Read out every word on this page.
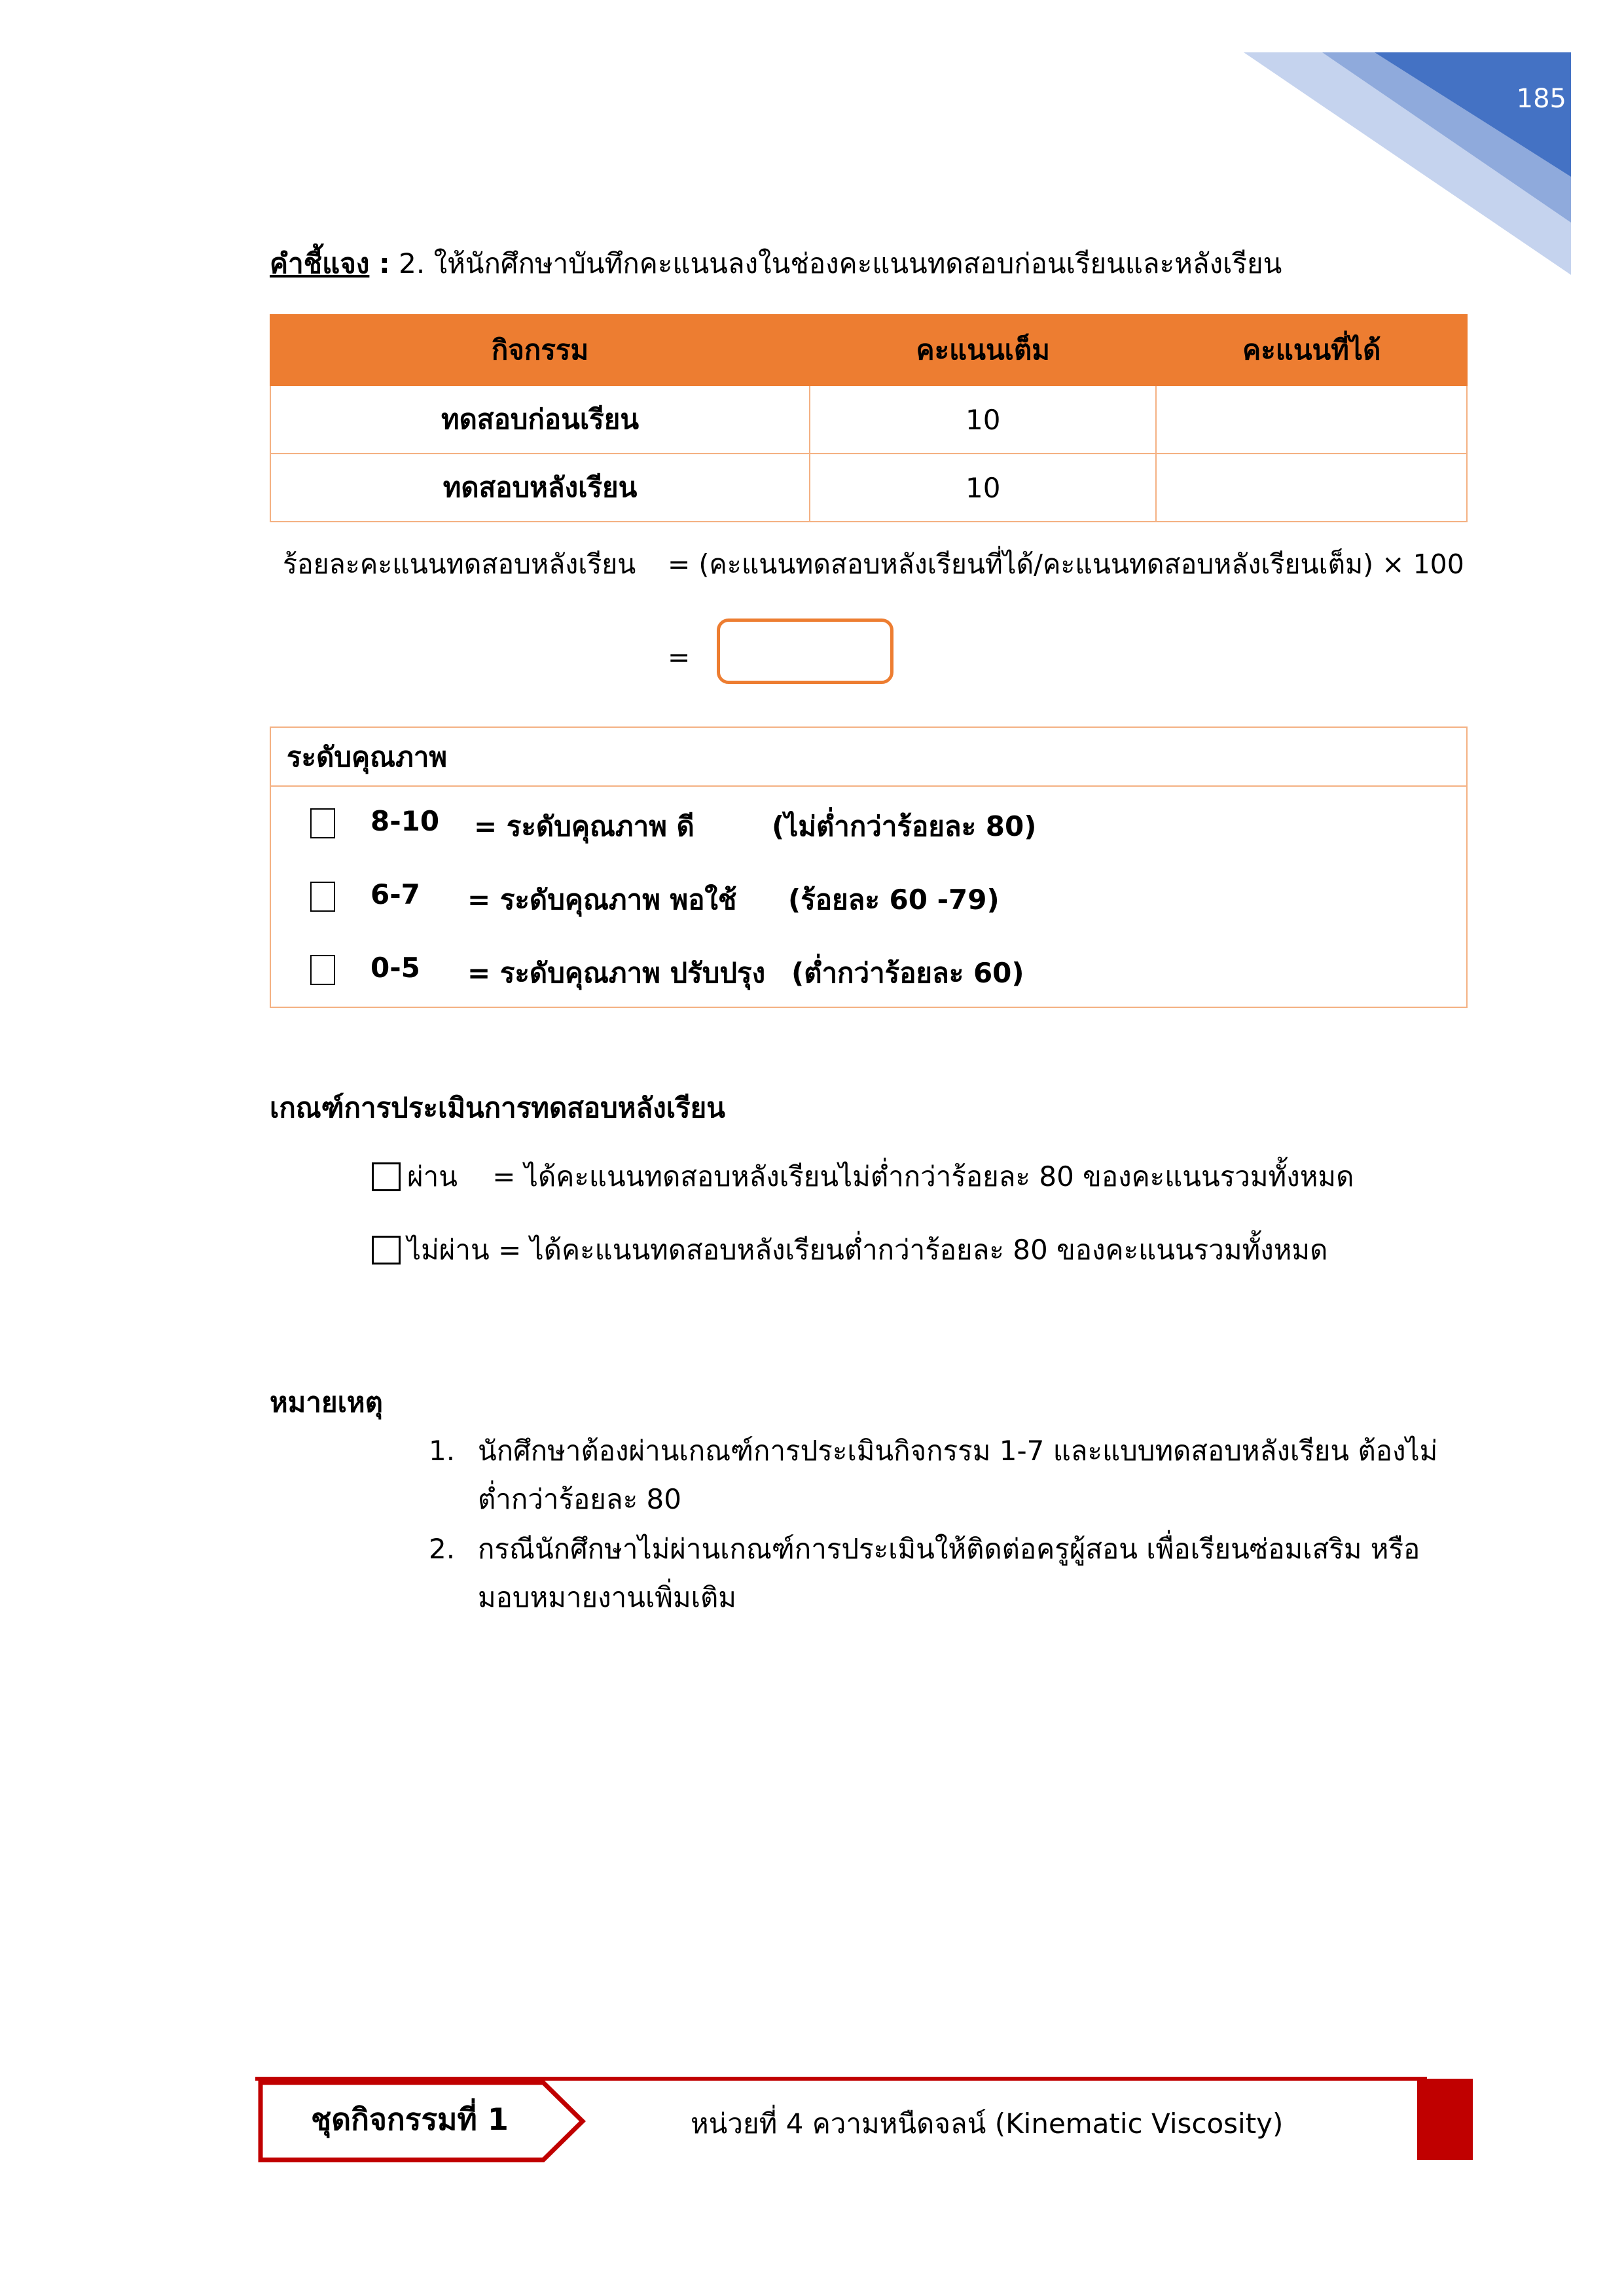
185
คำชี้แจง : 2. ให้นักศึกษาบันทึกคะแนนลงในช่องคะแนนทดสอบก่อนเรียนและหลังเรียน
กิจกรรม	คะแนนเต็ม	คะแนนที่ได้
ทดสอบก่อนเรียน	10	
ทดสอบหลังเรียน	10	
ร้อยละคะแนนทดสอบหลังเรียน = (คะแนนทดสอบหลังเรียนที่ได้/คะแนนทดสอบหลังเรียนเต็ม) × 100
=
ระดับคุณภาพ
8-10 = ระดับคุณภาพ ดี	(ไม่ต่ำกว่าร้อยละ 80)
6-7 = ระดับคุณภาพ พอใช้ (ร้อยละ 60 -79)
0-5 = ระดับคุณภาพ ปรับปรุง (ต่ำกว่าร้อยละ 60)
เกณฑ์การประเมินการทดสอบหลังเรียน
ผ่าน    = ได้คะแนนทดสอบหลังเรียนไม่ต่ำกว่าร้อยละ 80 ของคะแนนรวมทั้งหมด
ไม่ผ่าน = ได้คะแนนทดสอบหลังเรียนต่ำกว่าร้อยละ 80 ของคะแนนรวมทั้งหมด
หมายเหตุ
1. นักศึกษาต้องผ่านเกณฑ์การประเมินกิจกรรม 1-7 และแบบทดสอบหลังเรียน ต้องไม่ต่ำกว่าร้อยละ 80
2. กรณีนักศึกษาไม่ผ่านเกณฑ์การประเมินให้ติดต่อครูผู้สอน เพื่อเรียนซ่อมเสริม หรือมอบหมายงานเพิ่มเติม
ชุดกิจกรรมที่ 1	หน่วยที่ 4 ความหนืดจลน์ (Kinematic Viscosity)
